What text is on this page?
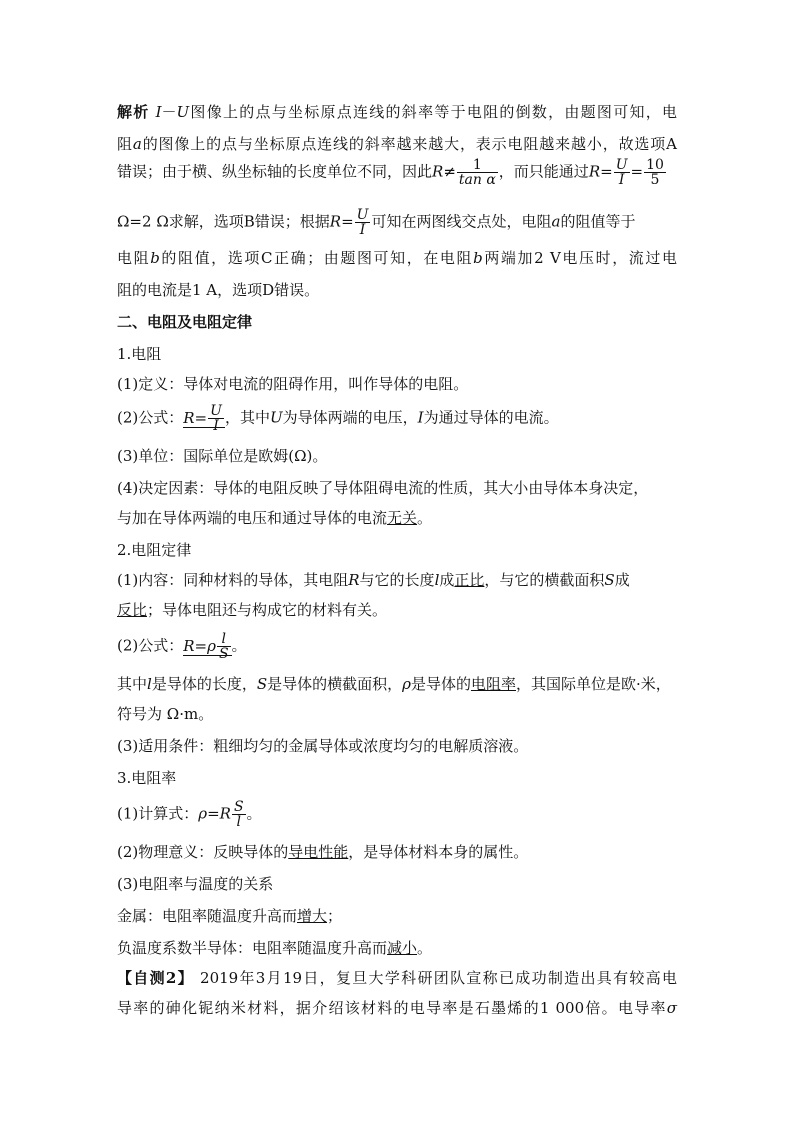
解析 I－U图像上的点与坐标原点连线的斜率等于电阻的倒数，由题图可知，电
阻a的图像上的点与坐标原点连线的斜率越来越大，表示电阻越来越小，故选项A
错误；由于横、纵坐标轴的长度单位不同，因此$R\ne \frac{1}{\text{tan α}}$ ，而只能通过$R= \frac{U}{I} = \frac{10}{5}$
Ω=2 Ω求解，选项B错误；根据$R= \frac{U}{I}$ 可知在两图线交点处，电阻a的阻值等于
电阻b的阻值，选项C正确；由题图可知，在电阻b两端加2 V电压时，流过电
阻的电流是1 A，选项D错误。
二、电阻及电阻定律
1.电阻
(1)定义：导体对电流的阻碍作用，叫作导体的电阻。
(2)公式：$R= \frac{U}{I}$ ，其中U为导体两端的电压，I为通过导体的电流。
(3)单位：国际单位是欧姆(Ω)。
(4)决定因素：导体的电阻反映了导体阻碍电流的性质，其大小由导体本身决定，
与加在导体两端的电压和通过导体的电流无关。
2.电阻定律
(1)内容：同种材料的导体，其电阻R与它的长度l成正比，与它的横截面积S成
反比；导体电阻还与构成它的材料有关。
(2)公式：$R=\rho \frac{l}{S}$ 。
其中l是导体的长度，S是导体的横截面积，ρ是导体的电阻率，其国际单位是欧·米，
符号为 Ω·m。
(3)适用条件：粗细均匀的金属导体或浓度均匀的电解质溶液。
3.电阻率
(1)计算式：$\rho=R \frac{S}{l}$ 。
(2)物理意义：反映导体的导电性能，是导体材料本身的属性。
(3)电阻率与温度的关系
金属：电阻率随温度升高而增大；
负温度系数半导体：电阻率随温度升高而减小。
【自测2】 2019年3月19日，复旦大学科研团队宣称已成功制造出具有较高电
导率的砷化铌纳米材料，据介绍该材料的电导率是石墨烯的1 000倍。电导率σ
